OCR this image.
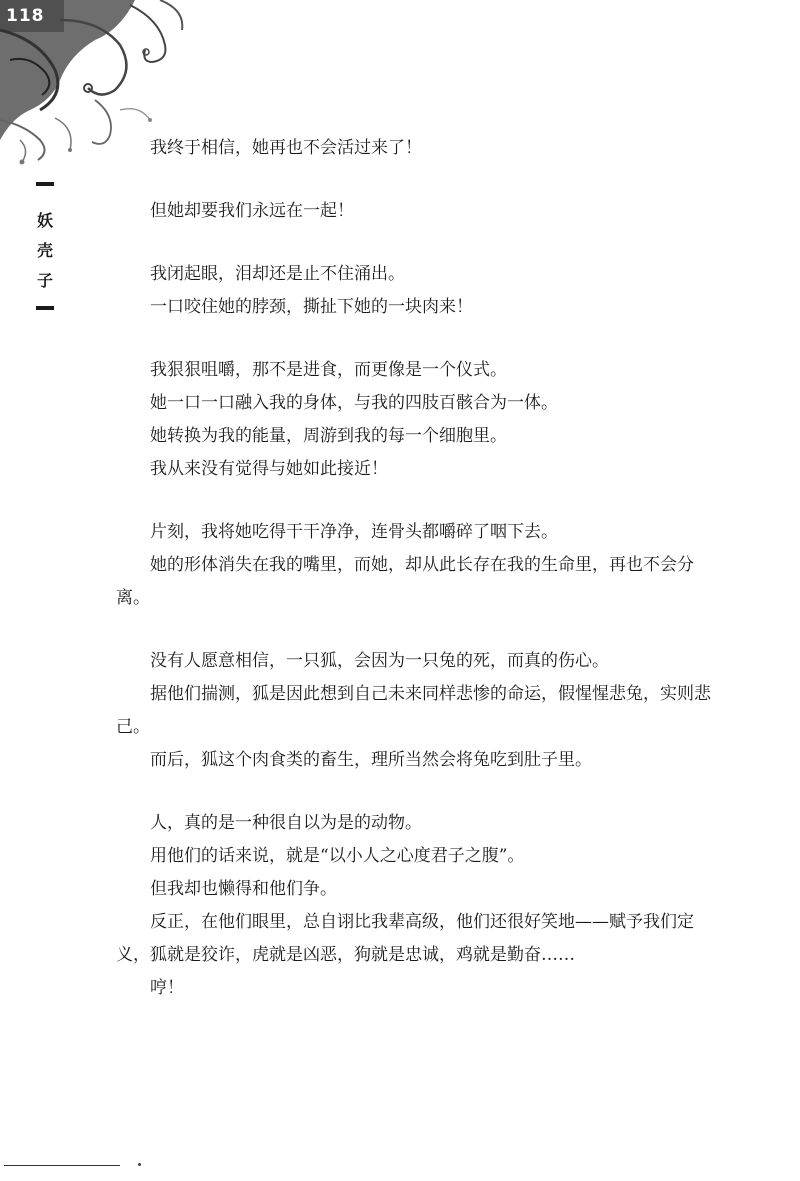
118
妖
壳
子

我终于相信，她再也不会活过来了！

但她却要我们永远在一起！

我闭起眼，泪却还是止不住涌出。

一口咬住她的脖颈，撕扯下她的一块肉来！

我狠狠咀嚼，那不是进食，而更像是一个仪式。

她一口一口融入我的身体，与我的四肢百骸合为一体。

她转换为我的能量，周游到我的每一个细胞里。

我从来没有觉得与她如此接近！

片刻，我将她吃得干干净净，连骨头都嚼碎了咽下去。

她的形体消失在我的嘴里，而她，却从此长存在我的生命里，再也不会分离。

没有人愿意相信，一只狐，会因为一只兔的死，而真的伤心。

据他们揣测，狐是因此想到自己未来同样悲惨的命运，假惺惺悲兔，实则悲己。

而后，狐这个肉食类的畜生，理所当然会将兔吃到肚子里。

人，真的是一种很自以为是的动物。

用他们的话来说，就是“以小人之心度君子之腹”。

但我却也懒得和他们争。

反正，在他们眼里，总自诩比我辈高级，他们还很好笑地——赋予我们定义，狐就是狡诈，虎就是凶恶，狗就是忠诚，鸡就是勤奋……

哼！
